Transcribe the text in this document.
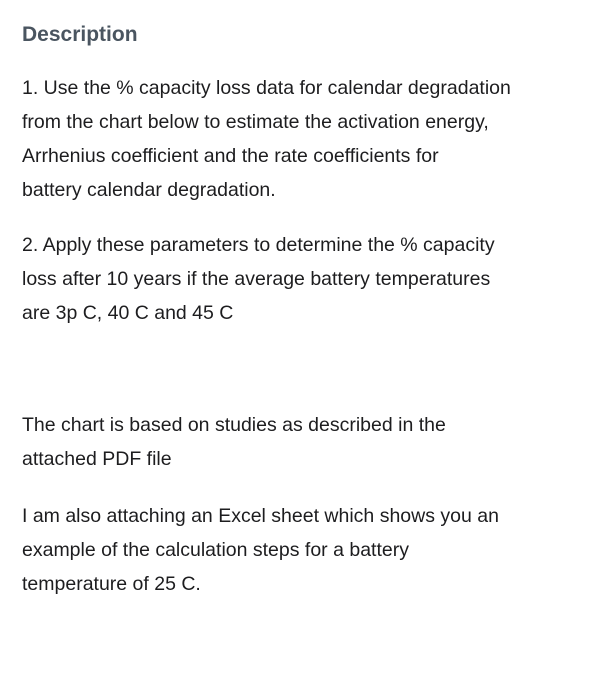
Description

1. Use the % capacity loss data for calendar degradation
from the chart below to estimate the activation energy,
Arrhenius coefficient and the rate coefficients for
battery calendar degradation.

2. Apply these parameters to determine the % capacity
loss after 10 years if the average battery temperatures
are 3p C, 40 C and 45 C

The chart is based on studies as described in the
attached PDF file

I am also attaching an Excel sheet which shows you an
example of the calculation steps for a battery
temperature of 25 C.
